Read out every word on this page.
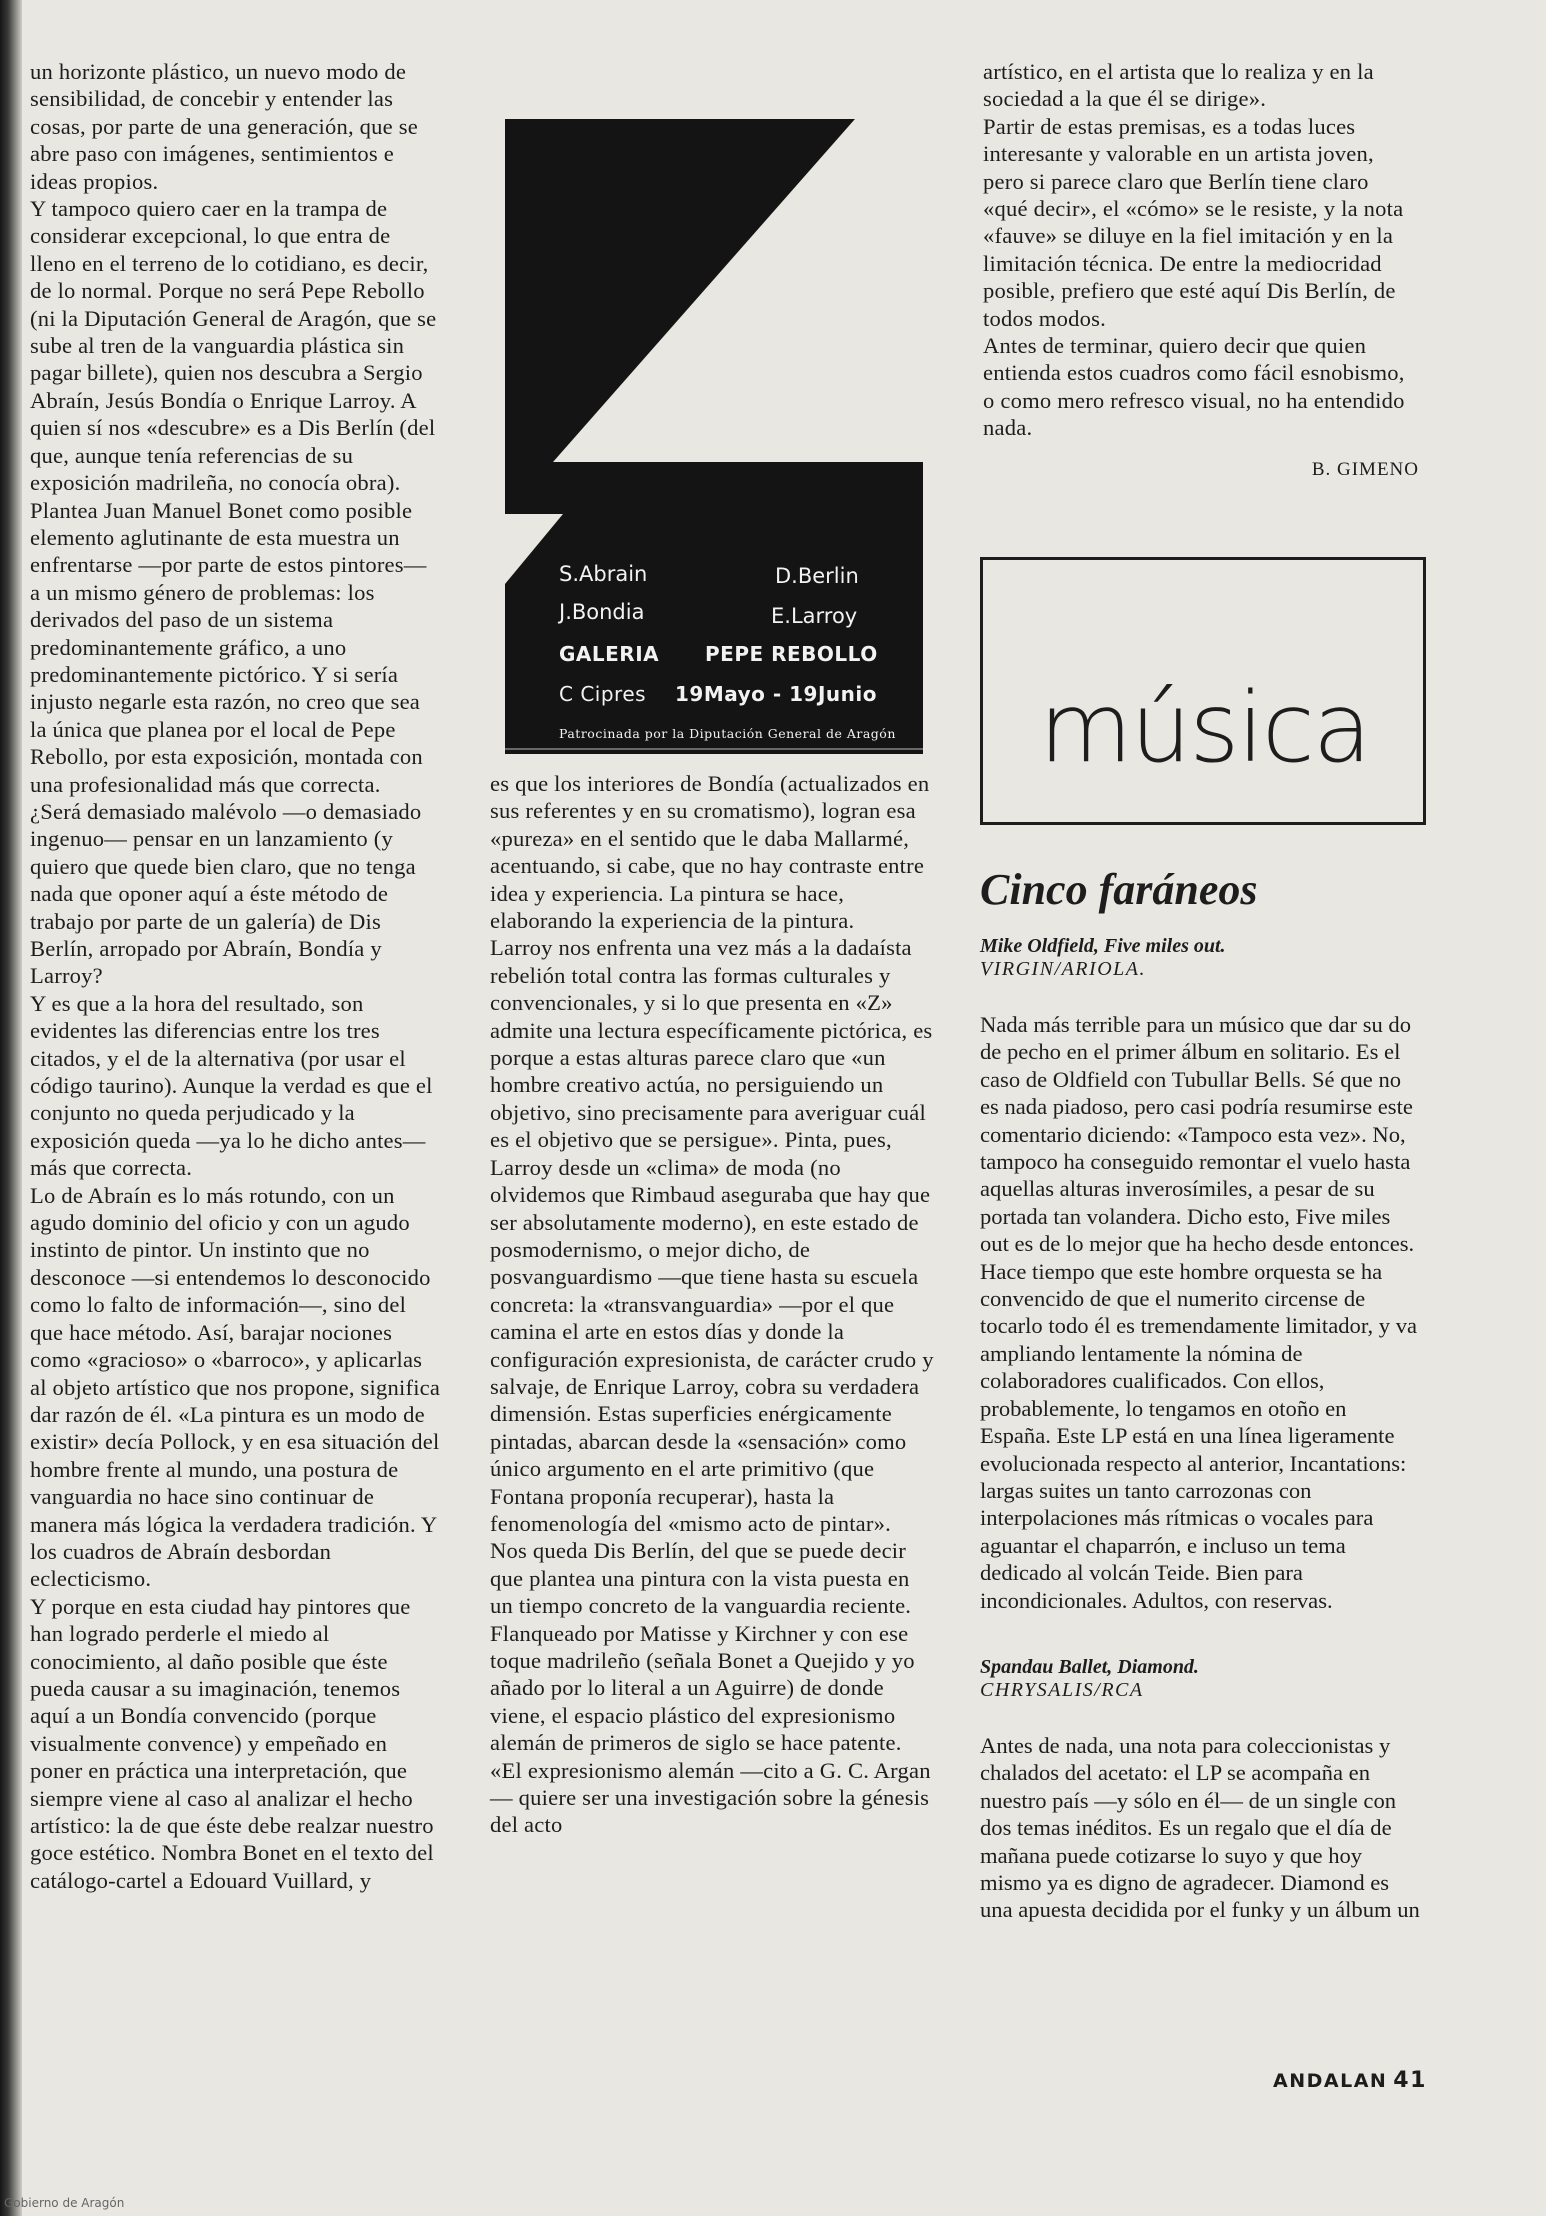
un horizonte plástico, un nuevo modo de sensibilidad, de concebir y entender las cosas, por parte de una generación, que se abre paso con imágenes, sentimientos e ideas propios.

Y tampoco quiero caer en la trampa de considerar excepcional, lo que entra de lleno en el terreno de lo cotidiano, es decir, de lo normal. Porque no será Pepe Rebollo (ni la Diputación General de Aragón, que se sube al tren de la vanguardia plástica sin pagar billete), quien nos descubra a Sergio Abraín, Jesús Bondía o Enrique Larroy. A quien sí nos «descubre» es a Dis Berlín (del que, aunque tenía referencias de su exposición madrileña, no conocía obra).

Plantea Juan Manuel Bonet como posible elemento aglutinante de esta muestra un enfrentarse —por parte de estos pintores— a un mismo género de problemas: los derivados del paso de un sistema predominantemente gráfico, a uno predominantemente pictórico. Y si sería injusto negarle esta razón, no creo que sea la única que planea por el local de Pepe Rebollo, por esta exposición, montada con una profesionalidad más que correcta.

¿Será demasiado malévolo —o demasiado ingenuo— pensar en un lanzamiento (y quiero que quede bien claro, que no tenga nada que oponer aquí a éste método de trabajo por parte de un galería) de Dis Berlín, arropado por Abraín, Bondía y Larroy?

Y es que a la hora del resultado, son evidentes las diferencias entre los tres citados, y el de la alternativa (por usar el código taurino). Aunque la verdad es que el conjunto no queda perjudicado y la exposición queda —ya lo he dicho antes— más que correcta.

Lo de Abraín es lo más rotundo, con un agudo dominio del oficio y con un agudo instinto de pintor. Un instinto que no desconoce —si entendemos lo desconocido como lo falto de información—, sino del que hace método. Así, barajar nociones como «gracioso» o «barroco», y aplicarlas al objeto artístico que nos propone, significa dar razón de él. «La pintura es un modo de existir» decía Pollock, y en esa situación del hombre frente al mundo, una postura de vanguardia no hace sino continuar de manera más lógica la verdadera tradición. Y los cuadros de Abraín desbordan eclecticismo.

Y porque en esta ciudad hay pintores que han logrado perderle el miedo al conocimiento, al daño posible que éste pueda causar a su imaginación, tenemos aquí a un Bondía convencido (porque visualmente convence) y empeñado en poner en práctica una interpretación, que siempre viene al caso al analizar el hecho artístico: la de que éste debe realzar nuestro goce estético. Nombra Bonet en el texto del catálogo-cartel a Edouard Vuillard, y

S.Abrain	D.Berlin
J.Bondia	E.Larroy
GALERIA PEPE REBOLLO
C Cipres 19Mayo - 19Junio
Patrocinada por la Diputación General de Aragón

es que los interiores de Bondía (actualizados en sus referentes y en su cromatismo), logran esa «pureza» en el sentido que le daba Mallarmé, acentuando, si cabe, que no hay contraste entre idea y experiencia. La pintura se hace, elaborando la experiencia de la pintura.

Larroy nos enfrenta una vez más a la dadaísta rebelión total contra las formas culturales y convencionales, y si lo que presenta en «Z» admite una lectura específicamente pictórica, es porque a estas alturas parece claro que «un hombre creativo actúa, no persiguiendo un objetivo, sino precisamente para averiguar cuál es el objetivo que se persigue». Pinta, pues, Larroy desde un «clima» de moda (no olvidemos que Rimbaud aseguraba que hay que ser absolutamente moderno), en este estado de posmodernismo, o mejor dicho, de posvanguardismo —que tiene hasta su escuela concreta: la «transvanguardia» —por el que camina el arte en estos días y donde la configuración expresionista, de carácter crudo y salvaje, de Enrique Larroy, cobra su verdadera dimensión. Estas superficies enérgicamente pintadas, abarcan desde la «sensación» como único argumento en el arte primitivo (que Fontana proponía recuperar), hasta la fenomenología del «mismo acto de pintar».

Nos queda Dis Berlín, del que se puede decir que plantea una pintura con la vista puesta en un tiempo concreto de la vanguardia reciente. Flanqueado por Matisse y Kirchner y con ese toque madrileño (señala Bonet a Quejido y yo añado por lo literal a un Aguirre) de donde viene, el espacio plástico del expresionismo alemán de primeros de siglo se hace patente. «El expresionismo alemán —cito a G. C. Argan— quiere ser una investigación sobre la génesis del acto

artístico, en el artista que lo realiza y en la sociedad a la que él se dirige».

Partir de estas premisas, es a todas luces interesante y valorable en un artista joven, pero si parece claro que Berlín tiene claro «qué decir», el «cómo» se le resiste, y la nota «fauve» se diluye en la fiel imitación y en la limitación técnica. De entre la mediocridad posible, prefiero que esté aquí Dis Berlín, de todos modos.

Antes de terminar, quiero decir que quien entienda estos cuadros como fácil esnobismo, o como mero refresco visual, no ha entendido nada.

B. GIMENO
música
Cinco faráneos
Mike Oldfield, Five miles out.
VIRGIN/ARIOLA.

Nada más terrible para un músico que dar su do de pecho en el primer álbum en solitario. Es el caso de Oldfield con Tubullar Bells. Sé que no es nada piadoso, pero casi podría resumirse este comentario diciendo: «Tampoco esta vez». No, tampoco ha conseguido remontar el vuelo hasta aquellas alturas inverosímiles, a pesar de su portada tan volandera. Dicho esto, Five miles out es de lo mejor que ha hecho desde entonces. Hace tiempo que este hombre orquesta se ha convencido de que el numerito circense de tocarlo todo él es tremendamente limitador, y va ampliando lentamente la nómina de colaboradores cualificados. Con ellos, probablemente, lo tengamos en otoño en España. Este LP está en una línea ligeramente evolucionada respecto al anterior, Incantations: largas suites un tanto carrozonas con interpolaciones más rítmicas o vocales para aguantar el chaparrón, e incluso un tema dedicado al volcán Teide. Bien para incondicionales. Adultos, con reservas.

Spandau Ballet, Diamond.
CHRYSALIS/RCA

Antes de nada, una nota para coleccionistas y chalados del acetato: el LP se acompaña en nuestro país —y sólo en él— de un single con dos temas inéditos. Es un regalo que el día de mañana puede cotizarse lo suyo y que hoy mismo ya es digno de agradecer. Diamond es una apuesta decidida por el funky y un álbum un

ANDALAN 41
Gobierno de Aragón
